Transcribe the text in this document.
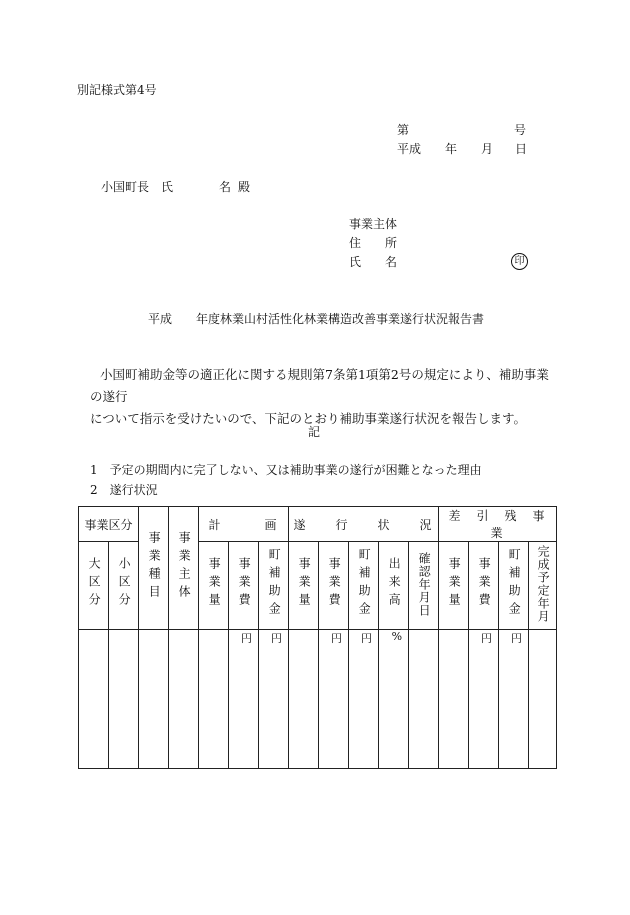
別記様式第4号
第	号
平成 年 月 日
小国町長　氏	名 殿
事業主体
住　　所
氏　　名	印
平成 年度林業山村活性化林業構造改善事業遂行状況報告書
小国町補助金等の適正化に関する規則第7条第1項第2号の規定により、補助事業の遂行
について指示を受けたいので、下記のとおり補助事業遂行状況を報告します。
記
1　予定の期間内に完了しない、又は補助事業の遂行が困難となった理由
2　遂行状況
事業区分		事業種目	事業主体	計　　　画			遂　　行　　状　　況					差　引　残　事　業			
大区分	小区分			事業量	事業費	町補助金	事業量	事業費	町補助金	出来高	確認年月日	事業量	事業費	町補助金	完成予定年月
					円	円		円	円	%			円	円	
